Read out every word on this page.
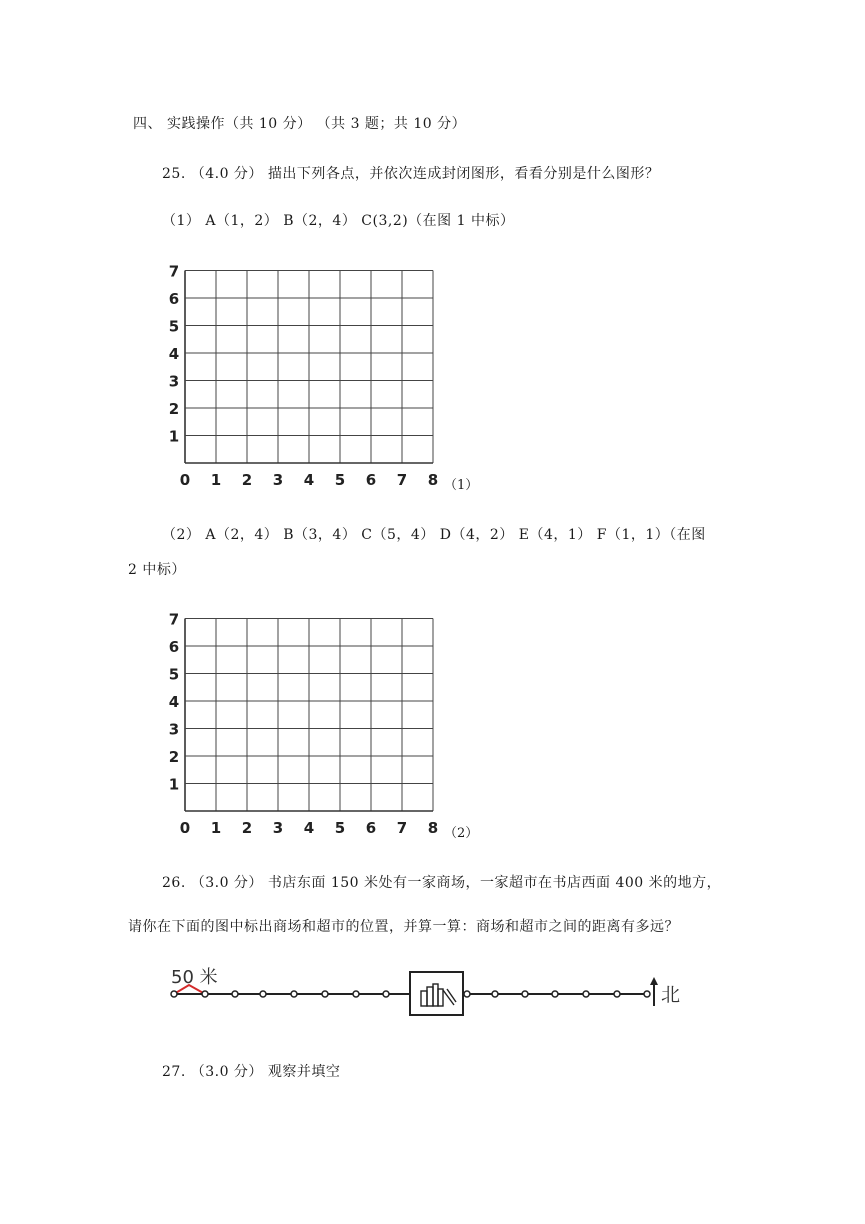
四、 实践操作（共 10 分） （共 3 题；共 10 分）
25. （4.0 分） 描出下列各点，并依次连成封闭图形，看看分别是什么图形？
（1） A（1，2） B（2，4） C(3,2)（在图 1 中标）
0 1 2 3 4 5 6 7 8
1
2
3
4
5
6
7
（1）
（2） A（2，4） B（3，4） C（5，4） D（4，2） E（4，1） F（1，1）（在图
2 中标）
0 1 2 3 4 5 6 7 8
1
2
3
4
5
6
7
（2）
26. （3.0 分） 书店东面 150 米处有一家商场，一家超市在书店西面 400 米的地方，
请你在下面的图中标出商场和超市的位置，并算一算：商场和超市之间的距离有多远？
50 米
北
27. （3.0 分） 观察并填空
